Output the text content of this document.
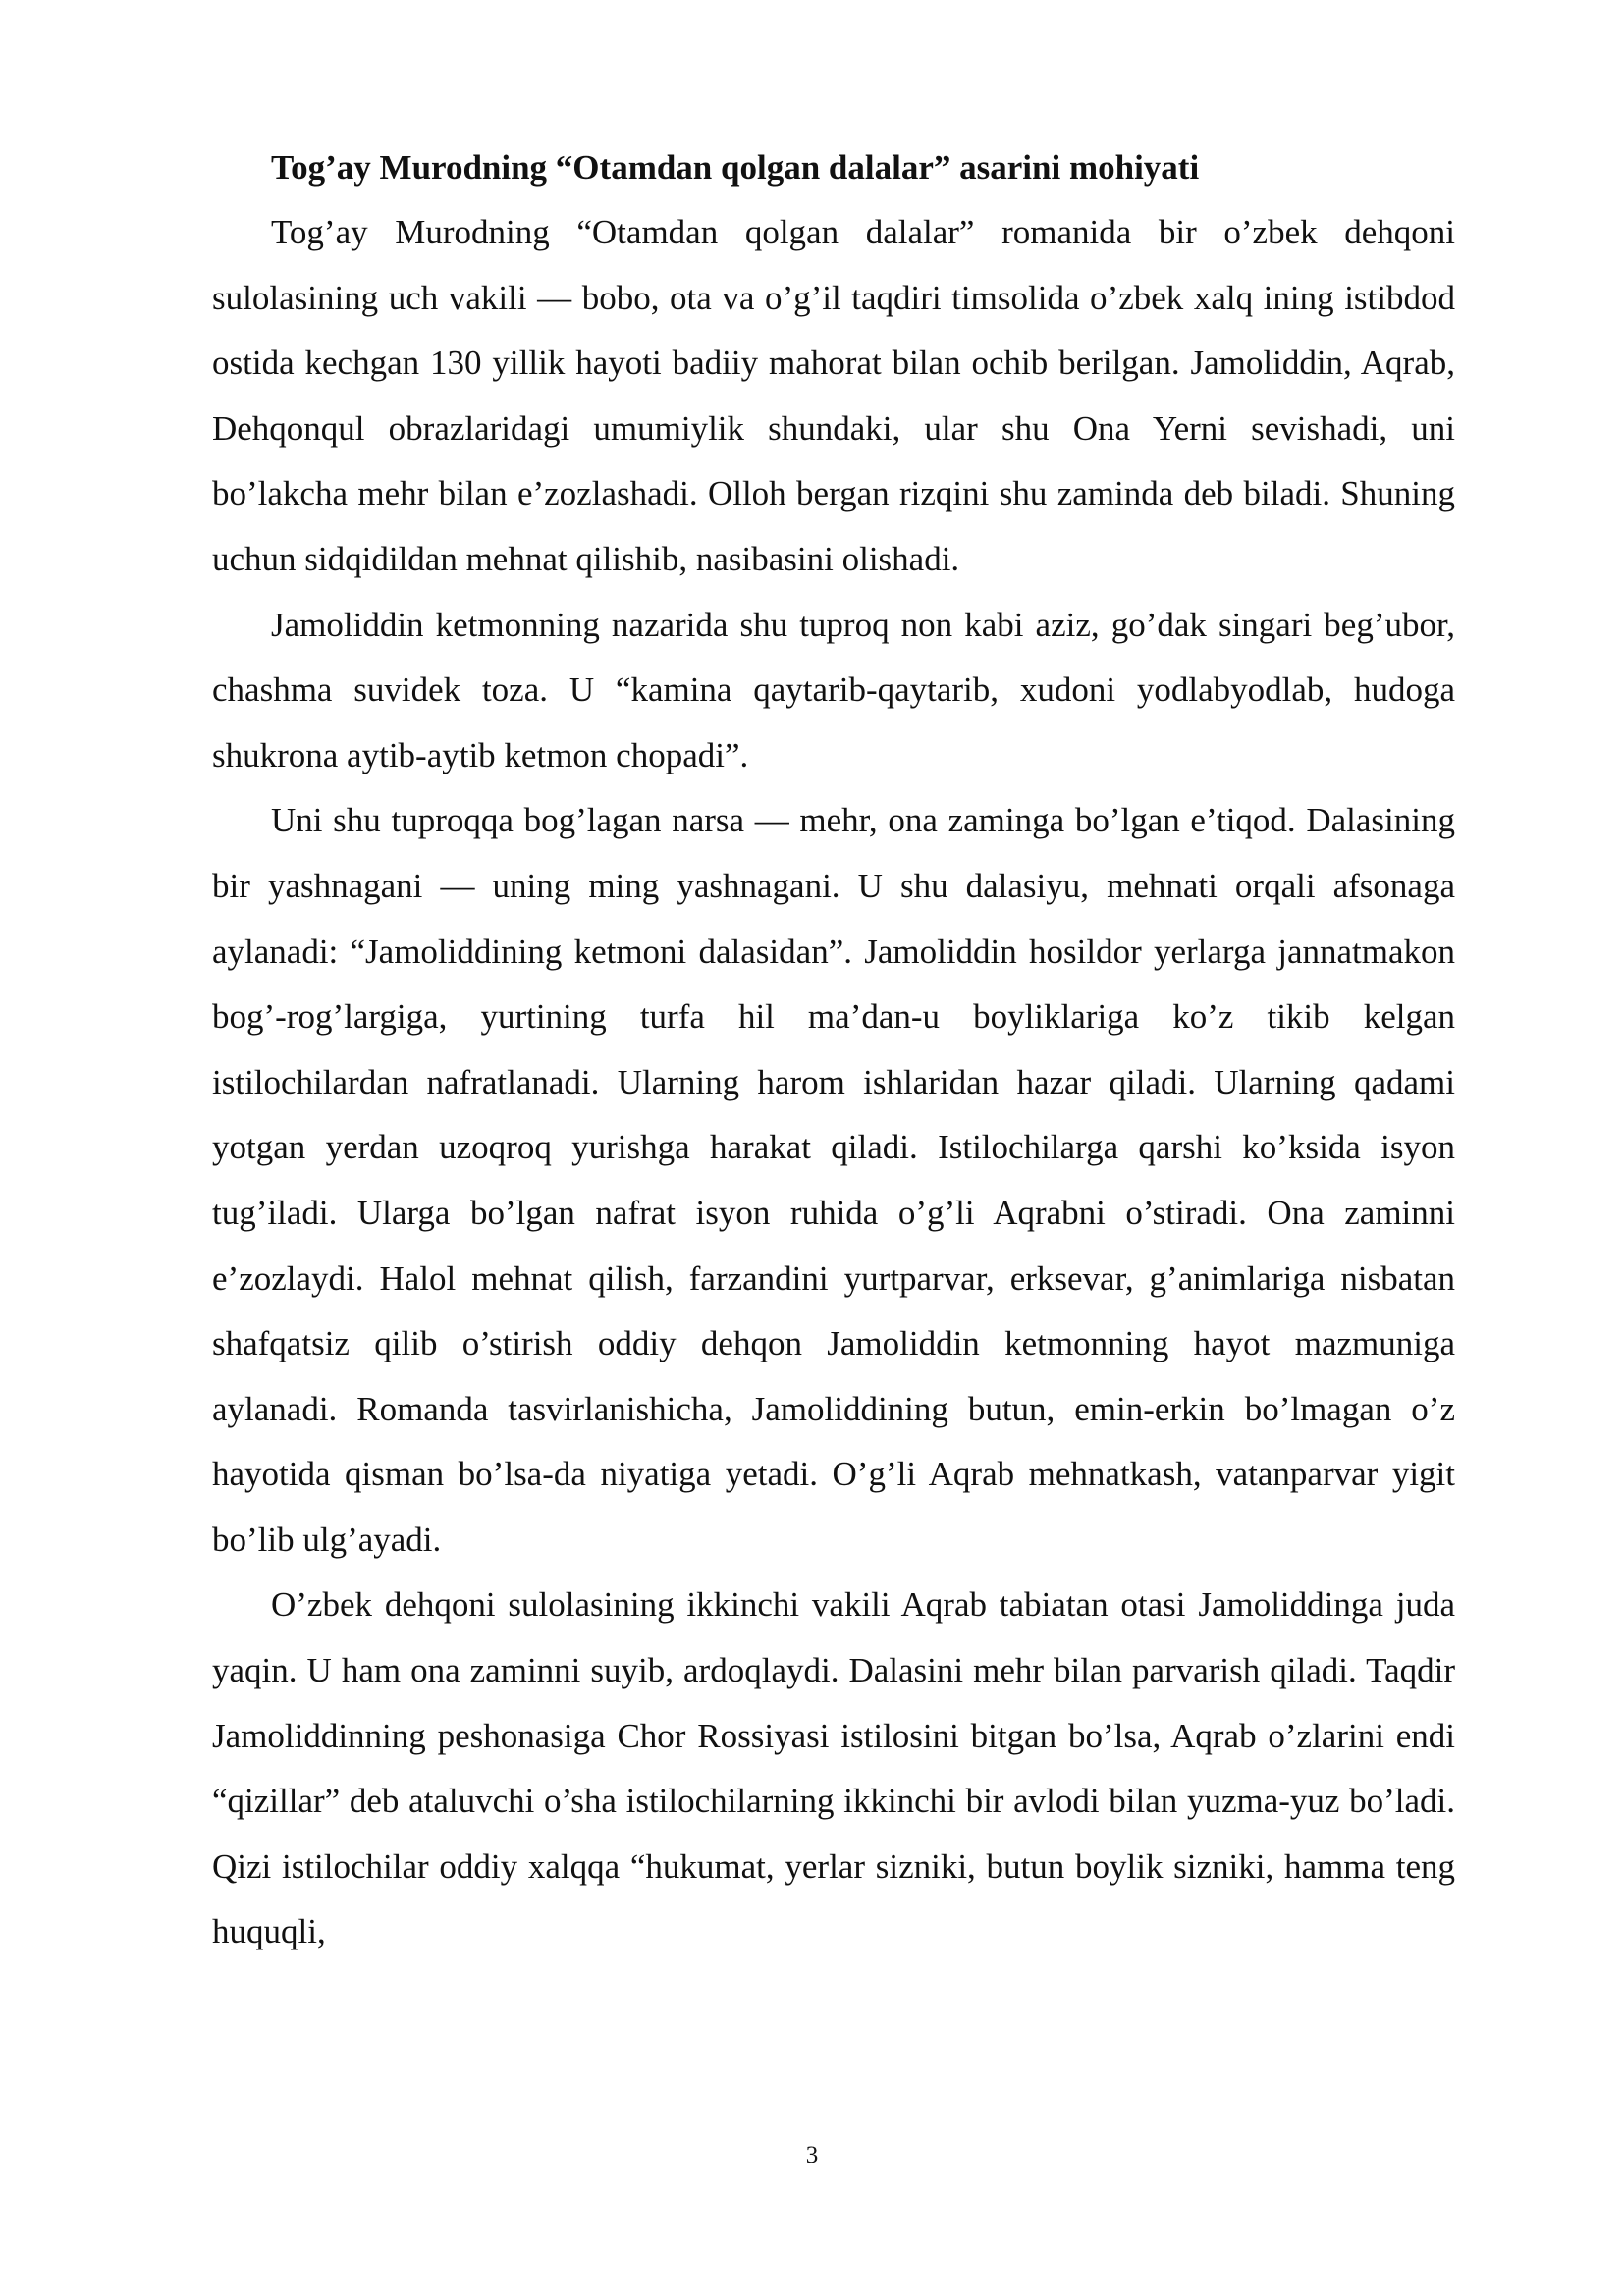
Tog’ay Murodning “Otamdan qolgan dalalar” asarini mohiyati

Tog’ay Murodning “Otamdan qolgan dalalar” romanida bir o’zbek dehqoni sulolasining uch vakili — bobo, ota va o’g’il taqdiri timsolida o’zbek xalq ining istibdod ostida kechgan 130 yillik hayoti badiiy mahorat bilan ochib berilgan. Jamoliddin, Aqrab, Dehqonqul obrazlaridagi umumiylik shundaki, ular shu Ona Yerni sevishadi, uni bo’lakcha mehr bilan e’zozlashadi. Olloh bergan rizqini shu zaminda deb biladi. Shuning uchun sidqidildan mehnat qilishib, nasibasini olishadi.

Jamoliddin ketmonning nazarida shu tuproq non kabi aziz, go’dak singari beg’ubor, chashma suvidek toza. U “kamina qaytarib-qaytarib, xudoni yodlabyodlab, hudoga shukrona aytib-aytib ketmon chopadi”.

Uni shu tuproqqa bog’lagan narsa — mehr, ona zaminga bo’lgan e’tiqod. Dalasining bir yashnagani — uning ming yashnagani. U shu dalasiyu, mehnati orqali afsonaga aylanadi: “Jamoliddining ketmoni dalasidan”. Jamoliddin hosildor yerlarga jannatmakon bog’-rog’largiga, yurtining turfa hil ma’dan-u boyliklariga ko’z tikib kelgan istilochilardan nafratlanadi. Ularning harom ishlaridan hazar qiladi. Ularning qadami yotgan yerdan uzoqroq yurishga harakat qiladi. Istilochilarga qarshi ko’ksida isyon tug’iladi. Ularga bo’lgan nafrat isyon ruhida o’g’li Aqrabni o’stiradi. Ona zaminni e’zozlaydi. Halol mehnat qilish, farzandini yurtparvar, erksevar, g’animlariga nisbatan shafqatsiz qilib o’stirish oddiy dehqon Jamoliddin ketmonning hayot mazmuniga aylanadi. Romanda tasvirlanishicha, Jamoliddining butun, emin-erkin bo’lmagan o’z hayotida qisman bo’lsa-da niyatiga yetadi. O’g’li Aqrab mehnatkash, vatanparvar yigit bo’lib ulg’ayadi.

O’zbek dehqoni sulolasining ikkinchi vakili Aqrab tabiatan otasi Jamoliddinga juda yaqin. U ham ona zaminni suyib, ardoqlaydi. Dalasini mehr bilan parvarish qiladi. Taqdir Jamoliddinning peshonasiga Chor Rossiyasi istilosini bitgan bo’lsa, Aqrab o’zlarini endi “qizillar” deb ataluvchi o’sha istilochilarning ikkinchi bir avlodi bilan yuzma-yuz bo’ladi. Qizi istilochilar oddiy xalqqa “hukumat, yerlar sizniki, butun boylik sizniki, hamma teng huquqli,

3
